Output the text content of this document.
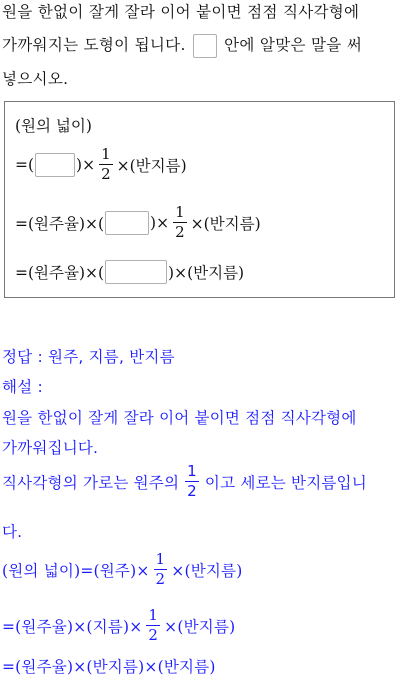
원을 한없이 잘게 잘라 이어 붙이면 점점 직사각형에
가까워지는 도형이 됩니다. 안에 알맞은 말을 써
넣으시오.
(원의 넓이)
=(	)× $\frac{1}{2}$ ×(반지름)
=(원주율)×(	)× $\frac{1}{2}$ ×(반지름)
=(원주율)×(	)×(반지름)
정답 : 원주, 지름, 반지름
해설 :
원을 한없이 잘게 잘라 이어 붙이면 점점 직사각형에
가까워집니다.
직사각형의 가로는 원주의 $\frac{1}{2}$ 이고 세로는 반지름입니
다.
(원의 넓이)=(원주)× $\frac{1}{2}$ ×(반지름)
=(원주율)×(지름)× $\frac{1}{2}$ ×(반지름)
=(원주율)×(반지름)×(반지름)
